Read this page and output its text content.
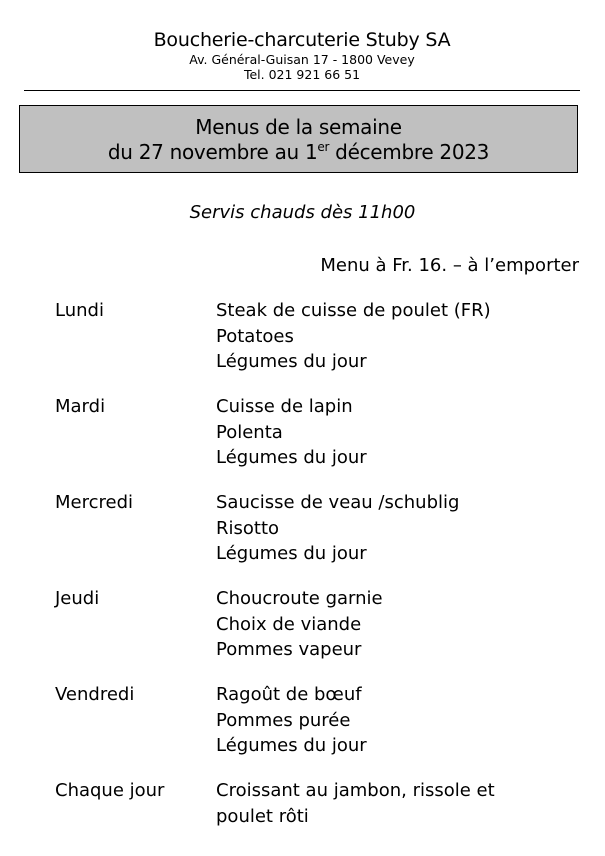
Boucherie-charcuterie Stuby SA
Av. Général-Guisan 17 - 1800 Vevey
Tel. 021 921 66 51
Menus de la semaine
du 27 novembre au 1er décembre 2023
Servis chauds dès 11h00
Menu à Fr. 16. – à l’emporter
Lundi	Steak de cuisse de poulet (FR)
Potatoes
Légumes du jour
Mardi	Cuisse de lapin
Polenta
Légumes du jour
Mercredi	Saucisse de veau /schublig
Risotto
Légumes du jour
Jeudi	Choucroute garnie
Choix de viande
Pommes vapeur
Vendredi	Ragoût de bœuf
Pommes purée
Légumes du jour
Chaque jour	Croissant au jambon, rissole et
poulet rôti
